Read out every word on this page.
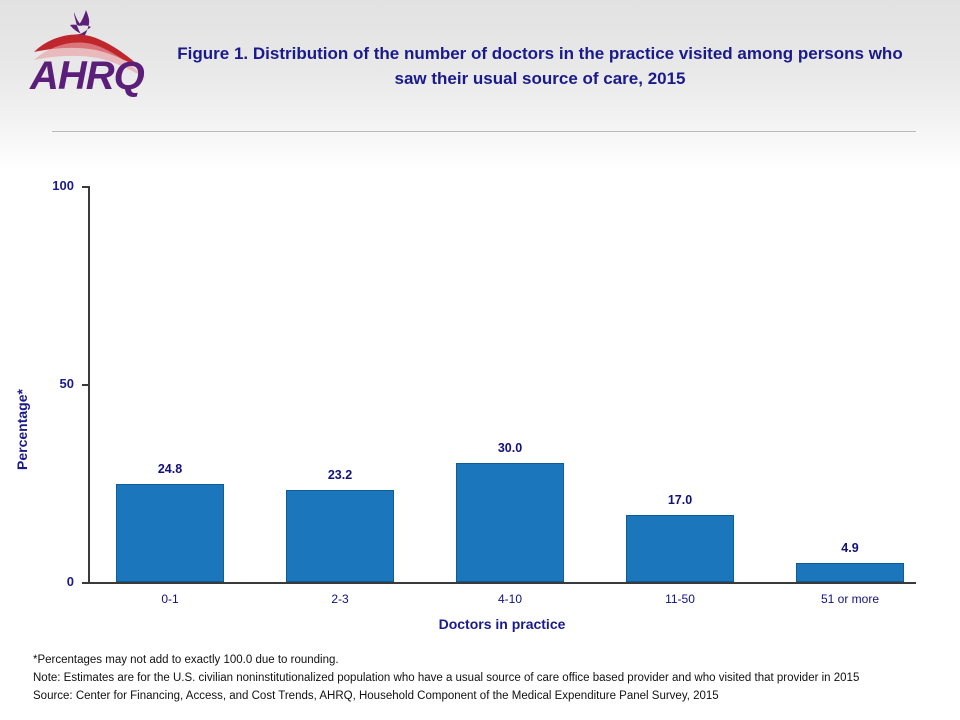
AHRQ
Figure 1. Distribution of the number of doctors in the practice visited among persons who saw their usual source of care, 2015
Percentage*
100
50
0
24.8	23.2
30.0
17.0
4.9
0-1	2-3	4-10	11-50	51 or more
Doctors in practice
*Percentages may not add to exactly 100.0 due to rounding.
Note: Estimates are for the U.S. civilian noninstitutionalized population who have a usual source of care office based provider and who visited that provider in 2015
Source: Center for Financing, Access, and Cost Trends, AHRQ, Household Component of the Medical Expenditure Panel Survey, 2015
